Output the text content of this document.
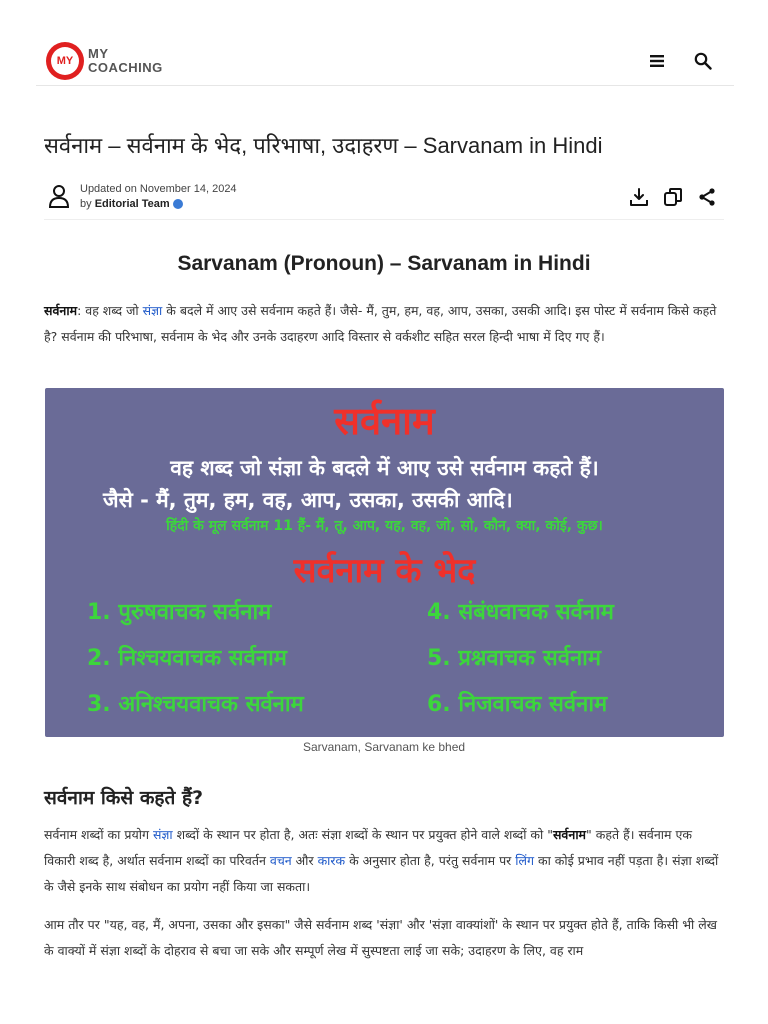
MY	MY
COACHING
सर्वनाम – सर्वनाम के भेद, परिभाषा, उदाहरण – Sarvanam in Hindi
Updated on November 14, 2024
by Editorial Team
Sarvanam (Pronoun) – Sarvanam in Hindi

सर्वनाम: वह शब्द जो संज्ञा के बदले में आए उसे सर्वनाम कहते हैं। जैसे- मैं, तुम, हम, वह, आप, उसका, उसकी आदि। इस पोस्ट में सर्वनाम किसे कहते है? सर्वनाम की परिभाषा, सर्वनाम के भेद और उनके उदाहरण आदि विस्तार से वर्कशीट सहित सरल हिन्दी भाषा में दिए गए हैं।

सर्वनाम
वह शब्द जो संज्ञा के बदले में आए उसे सर्वनाम कहते हैं।
जैसे - मैं, तुम, हम, वह, आप, उसका, उसकी आदि।
हिंदी के मूल सर्वनाम 11 हैं- मैं, तू, आप, यह, वह, जो, सो, कौन, क्या, कोई, कुछ।
सर्वनाम के भेद
1. पुरुषवाचक सर्वनाम
2. निश्चयवाचक सर्वनाम
3. अनिश्चयवाचक सर्वनाम
4. संबंधवाचक सर्वनाम
5. प्रश्नवाचक सर्वनाम
6. निजवाचक सर्वनाम
Sarvanam, Sarvanam ke bhed
सर्वनाम किसे कहते हैं?

सर्वनाम शब्दों का प्रयोग संज्ञा शब्दों के स्थान पर होता है, अतः संज्ञा शब्दों के स्थान पर प्रयुक्त होने वाले शब्दों को "सर्वनाम" कहते हैं। सर्वनाम एक विकारी शब्द है, अर्थात सर्वनाम शब्दों का परिवर्तन वचन और कारक के अनुसार होता है, परंतु सर्वनाम पर लिंग का कोई प्रभाव नहीं पड़ता है। संज्ञा शब्दों के जैसे इनके साथ संबोधन का प्रयोग नहीं किया जा सकता।

आम तौर पर "यह, वह, मैं, अपना, उसका और इसका" जैसे सर्वनाम शब्द 'संज्ञा' और 'संज्ञा वाक्यांशों' के स्थान पर प्रयुक्त होते हैं, ताकि किसी भी लेख के वाक्यों में संज्ञा शब्दों के दोहराव से बचा जा सके और सम्पूर्ण लेख में सुस्पष्टता लाई जा सके; उदाहरण के लिए, वह राम
